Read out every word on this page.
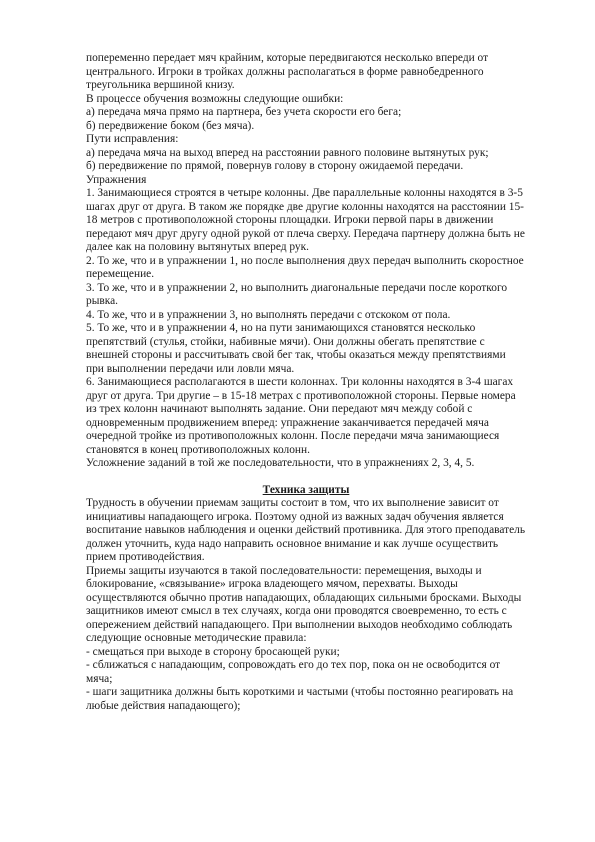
попеременно передает мяч крайним, которые передвигаются несколько впереди от центрального. Игроки в тройках должны располагаться в форме равнобедренного треугольника вершиной книзу.

В процессе обучения возможны следующие ошибки:

а) передача мяча прямо на партнера, без учета скорости его бега;

б) передвижение боком (без мяча).

Пути исправления:

а) передача мяча на выход вперед на расстоянии равного половине вытянутых рук;

б) передвижение по прямой, повернув голову в сторону ожидаемой передачи.

Упражнения

1. Занимающиеся строятся в четыре колонны. Две параллельные колонны находятся в 3-5 шагах друг от друга. В таком же порядке две другие колонны находятся на расстоянии 15-18 метров с противоположной стороны площадки. Игроки первой пары в движении передают мяч друг другу одной рукой от плеча сверху. Передача партнеру должна быть не далее как на половину вытянутых вперед рук.

2. То же, что и в упражнении 1, но после выполнения двух передач выполнить скоростное перемещение.

3. То же, что и в упражнении 2, но выполнить диагональные передачи после короткого рывка.

4. То же, что и в упражнении 3, но выполнять передачи с отскоком от пола.

5. То же, что и в упражнении 4, но на пути занимающихся становятся несколько препятствий (стулья, стойки, набивные мячи). Они должны обегать препятствие с внешней стороны и рассчитывать свой бег так, чтобы оказаться между препятствиями при выполнении передачи или ловли мяча.

6. Занимающиеся располагаются в шести колоннах. Три колонны находятся в 3-4 шагах друг от друга. Три другие – в 15-18 метрах с противоположной стороны. Первые номера из трех колонн начинают выполнять задание. Они передают мяч между собой с одновременным продвижением вперед: упражнение заканчивается передачей мяча очередной тройке из противоположных колонн. После передачи мяча занимающиеся становятся в конец противоположных колонн.

Усложнение заданий в той же последовательности, что в упражнениях 2, 3, 4, 5.

Техника защиты

Трудность в обучении приемам защиты состоит в том, что их выполнение зависит от инициативы нападающего игрока. Поэтому одной из важных задач обучения является воспитание навыков наблюдения и оценки действий противника. Для этого преподаватель должен уточнить, куда надо направить основное внимание и как лучше осуществить прием противодействия.

Приемы защиты изучаются в такой последовательности: перемещения, выходы и блокирование, «связывание» игрока владеющего мячом, перехваты. Выходы осуществляются обычно против нападающих, обладающих сильными бросками. Выходы защитников имеют смысл в тех случаях, когда они проводятся своевременно, то есть с опережением действий нападающего. При выполнении выходов необходимо соблюдать следующие основные методические правила:

- смещаться при выходе в сторону бросающей руки;

- сближаться с нападающим, сопровождать его до тех пор, пока он не освободится от мяча;

- шаги защитника должны быть короткими и частыми (чтобы постоянно реагировать на любые действия нападающего);
